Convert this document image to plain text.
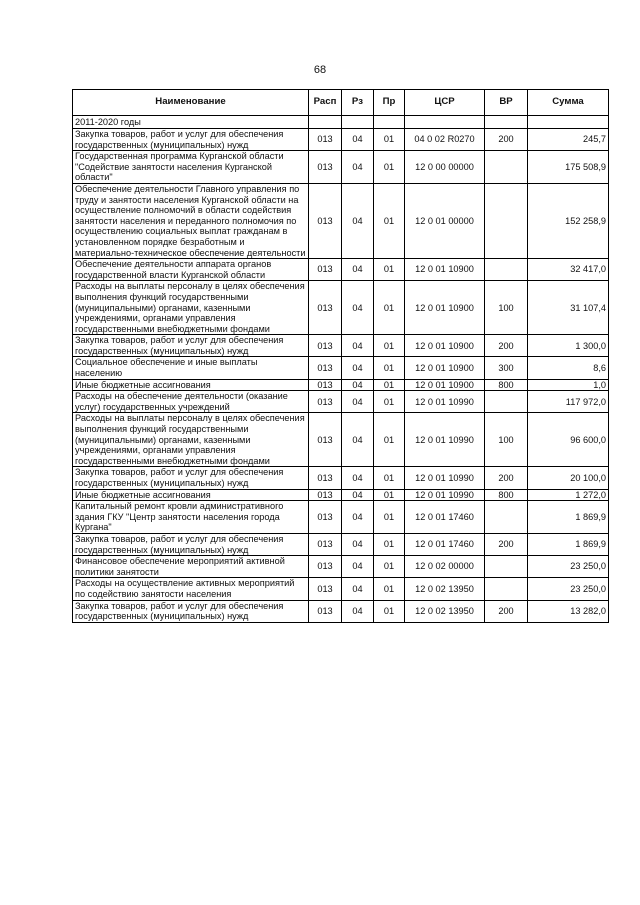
68
Наименование	Расп	Рз	Пр	ЦСР	ВР	Сумма
2011-2020 годы						
Закупка товаров, работ и услуг для обеспечения государственных (муниципальных) нужд	013	04	01	04 0 02 R0270	200	245,7
Государственная программа Курганской области "Содействие занятости населения Курганской области"	013	04	01	12 0 00 00000		175 508,9
Обеспечение деятельности Главного управления по труду и занятости населения Курганской области на осуществление полномочий в области содействия занятости населения и переданного полномочия по осуществлению социальных выплат гражданам в установленном порядке безработным и материально-техническое обеспечение деятельности	013	04	01	12 0 01 00000		152 258,9
Обеспечение деятельности аппарата органов государственной власти Курганской области	013	04	01	12 0 01 10900		32 417,0
Расходы на выплаты персоналу в целях обеспечения выполнения функций государственными (муниципальными) органами, казенными учреждениями, органами управления государственными внебюджетными фондами	013	04	01	12 0 01 10900	100	31 107,4
Закупка товаров, работ и услуг для обеспечения государственных (муниципальных) нужд	013	04	01	12 0 01 10900	200	1 300,0
Социальное обеспечение и иные выплаты населению	013	04	01	12 0 01 10900	300	8,6
Иные бюджетные ассигнования	013	04	01	12 0 01 10900	800	1,0
Расходы на обеспечение деятельности (оказание услуг) государственных учреждений	013	04	01	12 0 01 10990		117 972,0
Расходы на выплаты персоналу в целях обеспечения выполнения функций государственными (муниципальными) органами, казенными учреждениями, органами управления государственными внебюджетными фондами	013	04	01	12 0 01 10990	100	96 600,0
Закупка товаров, работ и услуг для обеспечения государственных (муниципальных) нужд	013	04	01	12 0 01 10990	200	20 100,0
Иные бюджетные ассигнования	013	04	01	12 0 01 10990	800	1 272,0
Капитальный ремонт кровли административного здания ГКУ "Центр занятости населения города Кургана"	013	04	01	12 0 01 17460		1 869,9
Закупка товаров, работ и услуг для обеспечения государственных (муниципальных) нужд	013	04	01	12 0 01 17460	200	1 869,9
Финансовое обеспечение мероприятий активной политики занятости	013	04	01	12 0 02 00000		23 250,0
Расходы на осуществление активных мероприятий по содействию занятости населения	013	04	01	12 0 02 13950		23 250,0
Закупка товаров, работ и услуг для обеспечения государственных (муниципальных) нужд	013	04	01	12 0 02 13950	200	13 282,0
